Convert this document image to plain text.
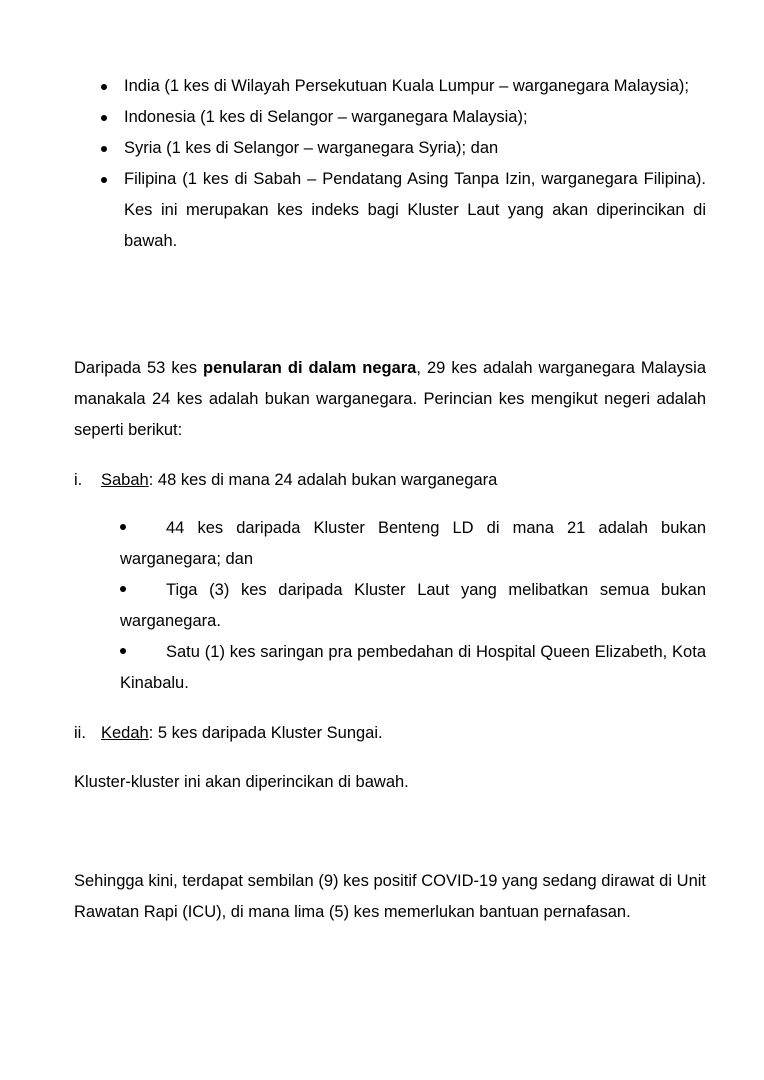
India (1 kes di Wilayah Persekutuan Kuala Lumpur – warganegara Malaysia);
Indonesia (1 kes di Selangor – warganegara Malaysia);
Syria (1 kes di Selangor – warganegara Syria); dan
Filipina (1 kes di Sabah – Pendatang Asing Tanpa Izin, warganegara Filipina). Kes ini merupakan kes indeks bagi Kluster Laut yang akan diperincikan di bawah.

Daripada 53 kes penularan di dalam negara, 29 kes adalah warganegara Malaysia manakala 24 kes adalah bukan warganegara. Perincian kes mengikut negeri adalah seperti berikut:

i. Sabah: 48 kes di mana 24 adalah bukan warganegara
44 kes daripada Kluster Benteng LD di mana 21 adalah bukan warganegara; dan
Tiga (3) kes daripada Kluster Laut yang melibatkan semua bukan warganegara.
Satu (1) kes saringan pra pembedahan di Hospital Queen Elizabeth, Kota Kinabalu.
ii. Kedah: 5 kes daripada Kluster Sungai.

Kluster-kluster ini akan diperincikan di bawah.

Sehingga kini, terdapat sembilan (9) kes positif COVID-19 yang sedang dirawat di Unit Rawatan Rapi (ICU), di mana lima (5) kes memerlukan bantuan pernafasan.
